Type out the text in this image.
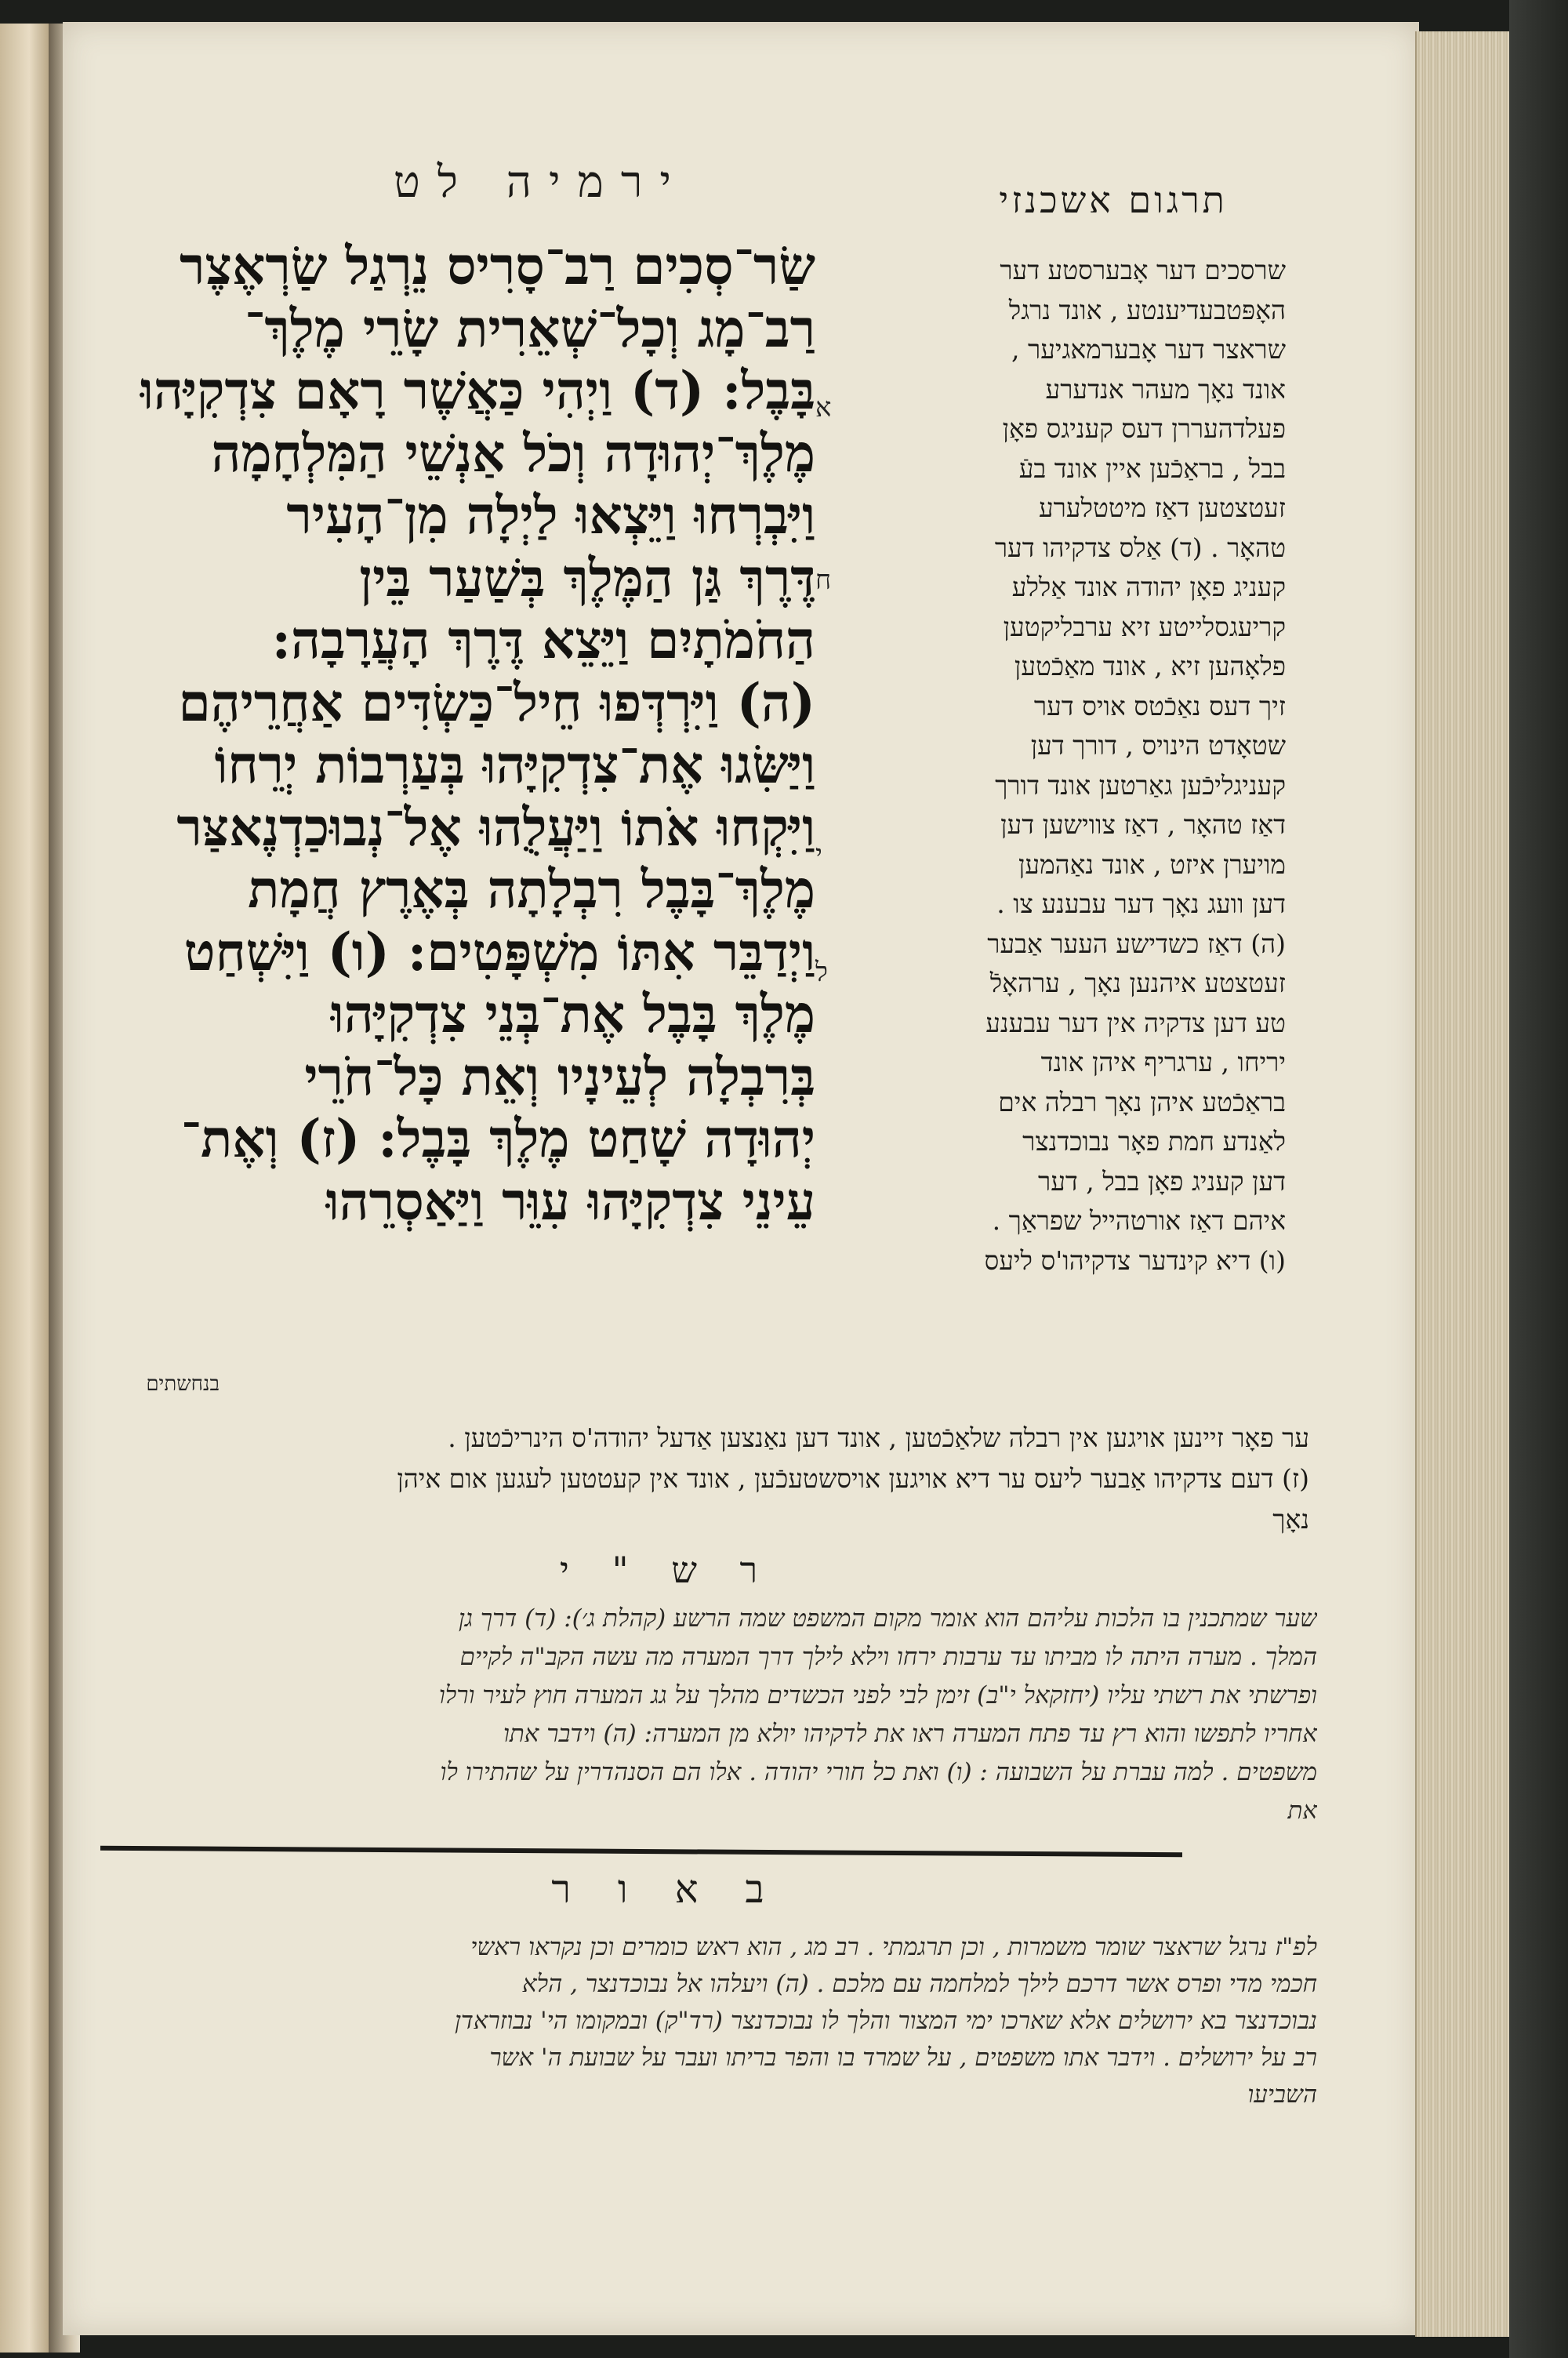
תרגום אשכנזי
ירמיה לט
שַׂר־סְכִים רַב־סָרִיס נֵרְגַל שַׂרְאֶצֶר
רַב־מָג וְכָל־שְׁאֵרִית שָׂרֵי מֶלֶךְ־
בָּבֶל: (ד) וַיְהִי כַּאֲשֶׁר רָאָם צִדְקִיָּהוּ
מֶלֶךְ־יְהוּדָה וְכֹל אַנְשֵׁי הַמִּלְחָמָה
וַיִּבְרְחוּ וַיֵּצְאוּ לַיְלָה מִן־הָעִיר
דֶּרֶךְ גַּן הַמֶּלֶךְ בְּשַׁעַר בֵּין
הַחֹמֹתָיִם וַיֵּצֵא דֶּרֶךְ הָעֲרָבָה:
(ה) וַיִּרְדְּפוּ חֵיל־כַּשְׂדִּים אַחֲרֵיהֶם
וַיַּשִּׂגוּ אֶת־צִדְקִיָּהוּ בְּעַרְבוֹת יְרֵחוֹ
וַיִּקְחוּ אֹתוֹ וַיַּעֲלֻהוּ אֶל־נְבוּכַדְנֶאצַּר
מֶלֶךְ־בָּבֶל רִבְלָתָה בְּאֶרֶץ חֲמָת
וַיְדַבֵּר אִתּוֹ מִשְׁפָּטִים: (ו) וַיִּשְׁחַט
מֶלֶךְ בָּבֶל אֶת־בְּנֵי צִדְקִיָּהוּ
בְּרִבְלָה לְעֵינָיו וְאֵת כָּל־חֹרֵי
יְהוּדָה שָׁחַט מֶלֶךְ בָּבֶל: (ז) וְאֶת־
עֵינֵי צִדְקִיָּהוּ עִוֵּר וַיַּאַסְרֵהוּ
א
ח
י
ל
שרסכים דער אָבערסטע דער
האָפּטבעדיענטע , אונד נרגל
שראצר דער אָבערמאגיער ,
אונד נאָך מעהר אנדערע
פעלדהעררן דעס קעניגס פאָן
בבל , בראַכֿען איין אונד בעֿ
זעטצטען דאַז מיטטלערע
טהאָר . (ד) אַלס צדקיהו דער
קעניג פאָן יהודה אונד אַללע
קריעגסלייטע זיא ערבליקטען
פלאָהען זיא , אונד מאַכֿטען
זיך דעס נאַכֿטס אויס דער
שטאָדט הינויס , דורך דען
קעניגליכֿען גאַרטען אונד דורך
דאַז טהאָר , דאַז צווישען דען
מויערן איזט , אונד נאַהמען
דען וועג נאָך דער עבענע צו .
(ה) דאַז כשדישע העער אַבער
זעטצטע איהנען נאָך , ערהאָלֿ
טע דען צדקיה אין דער עבענע
יריחו , ערגריף איהן אונד
בראַכֿטע איהן נאָך רבלה אים
לאַנדע חמת פאָר נבוכדנצר
דען קעניג פאָן בבל , דער
איהם דאַז אורטהייל שפראַך .
(ו) דיא קינדער צדקיהו'ס ליעס
בנחשתים
ער פאָר זיינען אויגען אין רבלה שלאַכֿטען , אונד דען נאַנצען אַדעל יהודה'ס הינריכֿטען .
(ז) דעם צדקיהו אַבער ליעס ער דיא אויגען אויסשטעכֿען , אונד אין קעטטען לעגען אום איהן
נאָך
ר ש " י
שער שמתכנין בו הלכות עליהם הוא אומר מקום המשפט שמה הרשע (קהלת ג׳): (ד) דרך גן
המלך . מערה היתה לו מביתו עד ערבות ירחו וילא לילך דרך המערה מה עשה הקב"ה לקיים
ופרשתי את רשתי עליו (יחזקאל י"ב) זימן לבי לפני הכשדים מהלך על גג המערה חוץ לעיר ורלו
אחריו לתפשו והוא רץ עד פתח המערה ראו את לדקיהו יולא מן המערה: (ה) וידבר אתו
משפטים . למה עברת על השבועה : (ו) ואת כל חורי יהודה . אלו הם הסנהדרין על שהתירו לו
את
ב א ו ר
לפ"ז נרגל שראצר שומר משמרות , וכן תרגמתי . רב מג , הוא ראש כומרים וכן נקראו ראשי
חכמי מדי ופרס אשר דרכם לילך למלחמה עם מלכם . (ה) ויעלהו אל נבוכדנצר , הלא
נבוכדנצר בא ירושלים אלא שארכו ימי המצור והלך לו נבוכדנצר (רד"ק) ובמקומו הי' נבוזראדן
רב על ירושלים . וידבר אתו משפטים , על שמרד בו והפר בריתו ועבר על שבועת ה' אשר
השביעו
